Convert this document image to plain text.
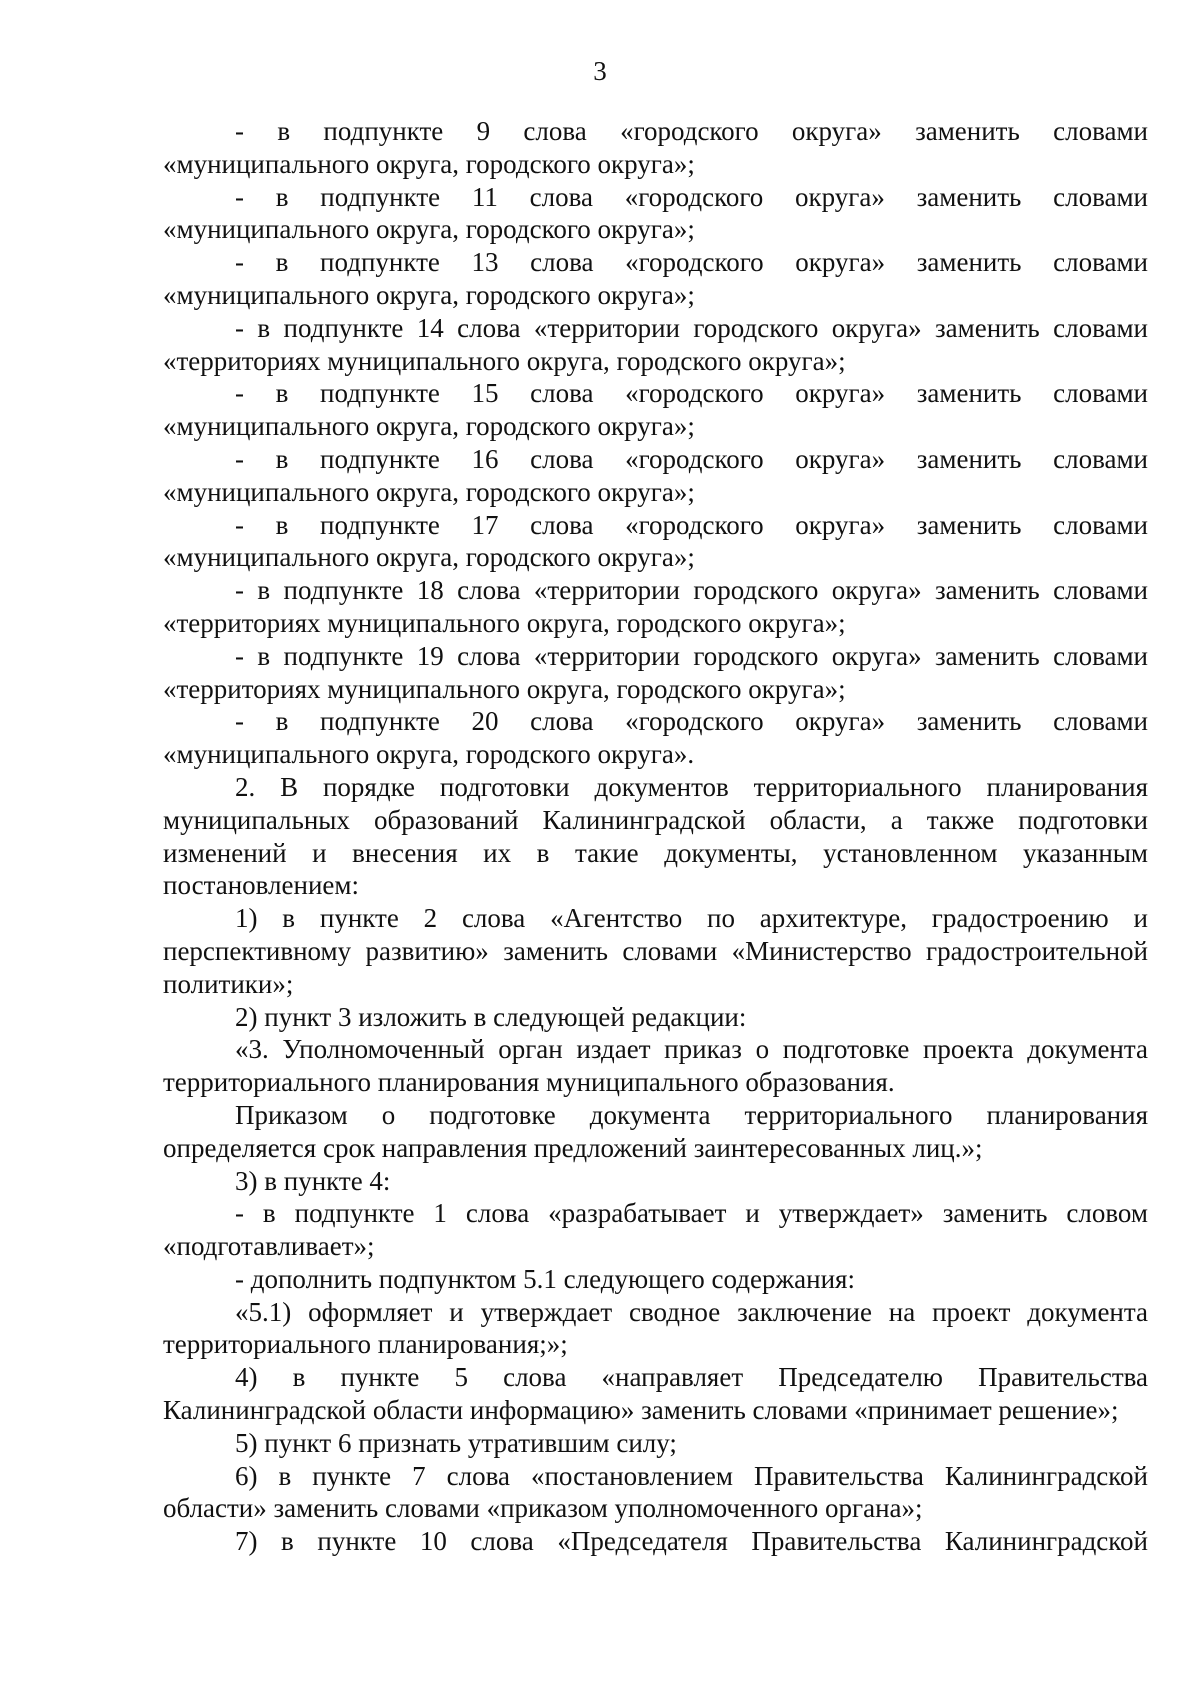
3

- в подпункте 9 слова «городского округа» заменить словами
«муниципального округа, городского округа»;

- в подпункте 11 слова «городского округа» заменить словами
«муниципального округа, городского округа»;

- в подпункте 13 слова «городского округа» заменить словами
«муниципального округа, городского округа»;

- в подпункте 14 слова «территории городского округа» заменить словами
«территориях муниципального округа, городского округа»;

- в подпункте 15 слова «городского округа» заменить словами
«муниципального округа, городского округа»;

- в подпункте 16 слова «городского округа» заменить словами
«муниципального округа, городского округа»;

- в подпункте 17 слова «городского округа» заменить словами
«муниципального округа, городского округа»;

- в подпункте 18 слова «территории городского округа» заменить словами
«территориях муниципального округа, городского округа»;

- в подпункте 19 слова «территории городского округа» заменить словами
«территориях муниципального округа, городского округа»;

- в подпункте 20 слова «городского округа» заменить словами
«муниципального округа, городского округа».

2. В порядке подготовки документов территориального планирования муниципальных образований Калининградской области, а также подготовки изменений и внесения их в такие документы, установленном указанным постановлением:

1) в пункте 2 слова «Агентство по архитектуре, градостроению и перспективному развитию» заменить словами «Министерство градостроительной политики»;

2) пункт 3 изложить в следующей редакции:

«3. Уполномоченный орган издает приказ о подготовке проекта документа территориального планирования муниципального образования.

Приказом о подготовке документа территориального планирования определяется срок направления предложений заинтересованных лиц.»;

3) в пункте 4:

- в подпункте 1 слова «разрабатывает и утверждает» заменить словом «подготавливает»;

- дополнить подпунктом 5.1 следующего содержания:

«5.1) оформляет и утверждает сводное заключение на проект документа территориального планирования;»;

4) в пункте 5 слова «направляет Председателю Правительства Калининградской области информацию» заменить словами «принимает решение»;

5) пункт 6 признать утратившим силу;

6) в пункте 7 слова «постановлением Правительства Калининградской области» заменить словами «приказом уполномоченного органа»;

7) в пункте 10 слова «Председателя Правительства Калининградской
